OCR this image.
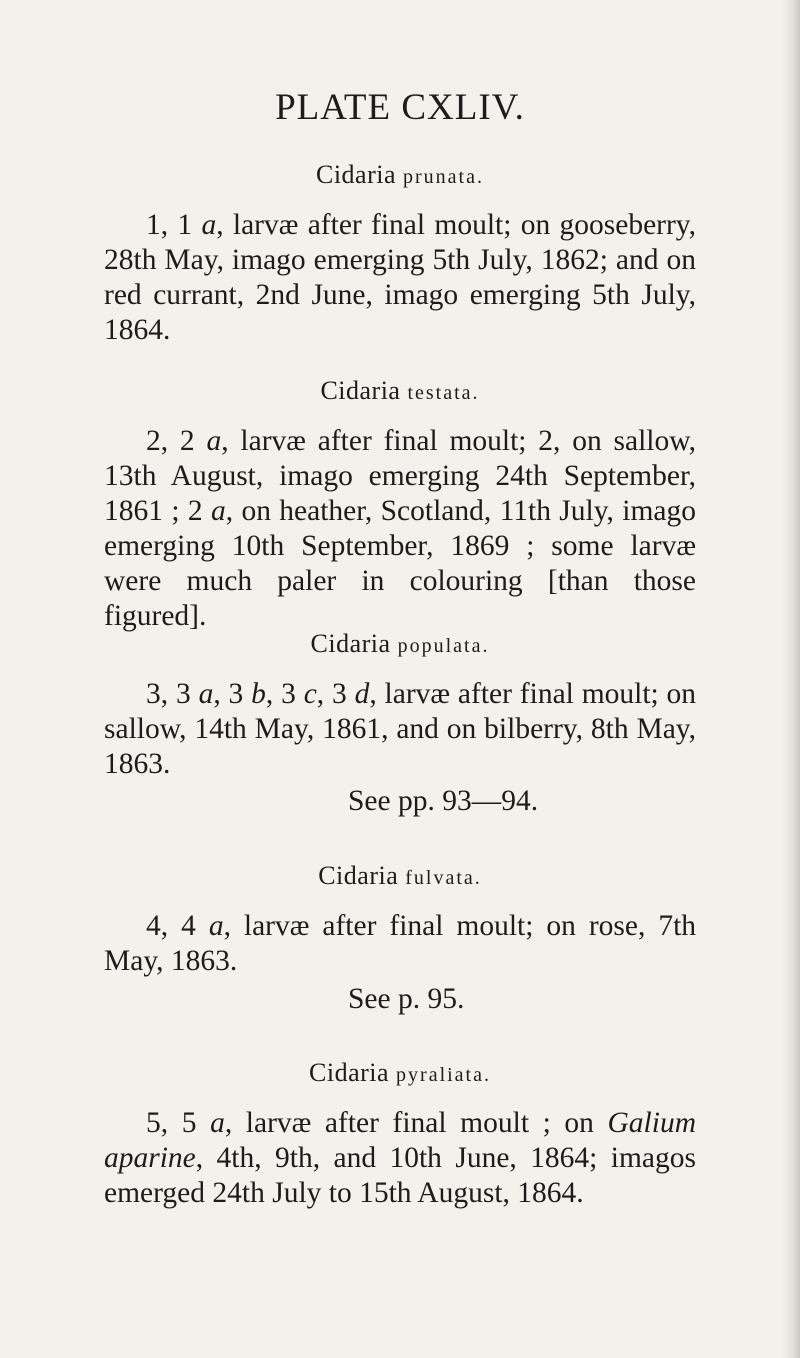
PLATE CXLIV.
Cidaria prunata.
1, 1 a, larvæ after final moult; on gooseberry, 28th May, imago emerging 5th July, 1862; and on red currant, 2nd June, imago emerging 5th July, 1864.
Cidaria testata.
2, 2 a, larvæ after final moult; 2, on sallow, 13th August, imago emerging 24th September, 1861 ; 2 a, on heather, Scotland, 11th July, imago emerging 10th September, 1869 ; some larvæ were much paler in colouring [than those figured].
Cidaria populata.
3, 3 a, 3 b, 3 c, 3 d, larvæ after final moult; on sallow, 14th May, 1861, and on bilberry, 8th May, 1863.
See pp. 93—94.
Cidaria fulvata.
4, 4 a, larvæ after final moult; on rose, 7th May, 1863.
See p. 95.
Cidaria pyraliata.
5, 5 a, larvæ after final moult ; on Galium aparine, 4th, 9th, and 10th June, 1864; imagos emerged 24th July to 15th August, 1864.
